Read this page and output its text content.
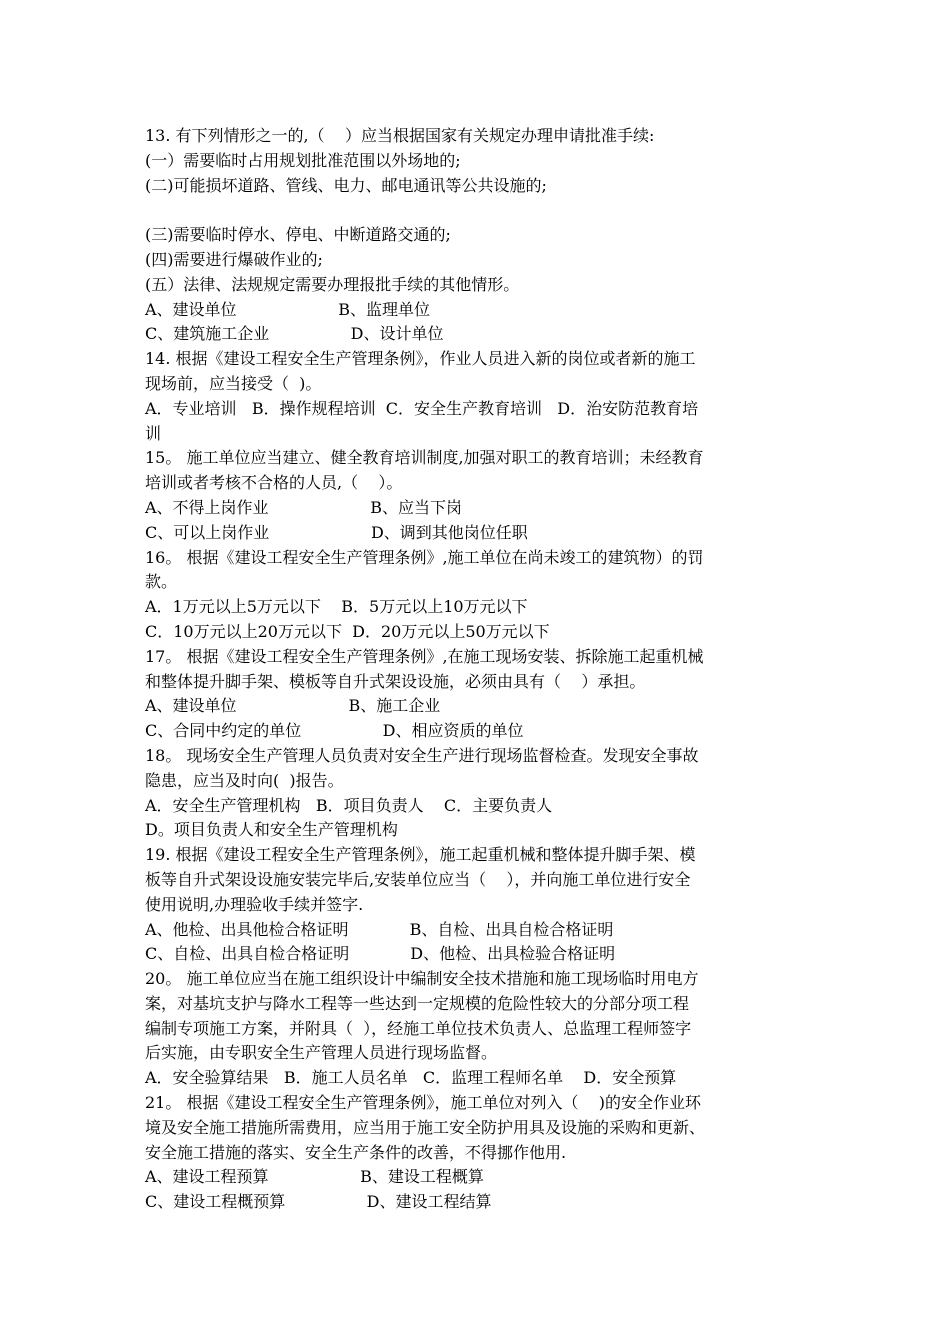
13. 有下列情形之一的,（    ）应当根据国家有关规定办理申请批准手续:
(一）需要临时占用规划批准范围以外场地的;
(二)可能损坏道路、管线、电力、邮电通讯等公共设施的;
(三)需要临时停水、停电、中断道路交通的;
(四)需要进行爆破作业的;
(五）法律、法规规定需要办理报批手续的其他情形。
A、建设单位                    B、监理单位
C、建筑施工企业                D、设计单位
14. 根据《建设工程安全生产管理条例》，作业人员进入新的岗位或者新的施工
现场前，应当接受（  )。
A．专业培训   B．操作规程培训  C．安全生产教育培训   D．治安防范教育培
训
15。 施工单位应当建立、健全教育培训制度,加强对职工的教育培训；未经教育
培训或者考核不合格的人员,（    ）。
A、不得上岗作业                    B、应当下岗
C、可以上岗作业                    D、调到其他岗位任职
16。 根据《建设工程安全生产管理条例》,施工单位在尚未竣工的建筑物）的罚
款。
A．1万元以上5万元以下    B．5万元以上10万元以下
C．10万元以上20万元以下  D．20万元以上50万元以下
17。 根据《建设工程安全生产管理条例》,在施工现场安装、拆除施工起重机械
和整体提升脚手架、模板等自升式架设设施，必须由具有（    ）承担。
A、建设单位                      B、施工企业
C、合同中约定的单位                D、相应资质的单位
18。 现场安全生产管理人员负责对安全生产进行现场监督检查。发现安全事故
隐患，应当及时向(  )报告。
A．安全生产管理机构   B．项目负责人    C．主要负责人
D。项目负责人和安全生产管理机构
19. 根据《建设工程安全生产管理条例》，施工起重机械和整体提升脚手架、模
板等自升式架设设施安装完毕后,安装单位应当（    ），并向施工单位进行安全
使用说明,办理验收手续并签字.
A、他检、出具他检合格证明            B、自检、出具自检合格证明
C、自检、出具自检合格证明            D、他检、出具检验合格证明
20。 施工单位应当在施工组织设计中编制安全技术措施和施工现场临时用电方
案，对基坑支护与降水工程等一些达到一定规模的危险性较大的分部分项工程
编制专项施工方案，并附具（  ），经施工单位技术负责人、总监理工程师签字
后实施，由专职安全生产管理人员进行现场监督。
A．安全验算结果   B．施工人员名单   C．监理工程师名单    D．安全预算
21。 根据《建设工程安全生产管理条例》，施工单位对列入（    )的安全作业环
境及安全施工措施所需费用，应当用于施工安全防护用具及设施的采购和更新、
安全施工措施的落实、安全生产条件的改善，不得挪作他用.
A、建设工程预算                  B、建设工程概算
C、建设工程概预算                D、建设工程结算
